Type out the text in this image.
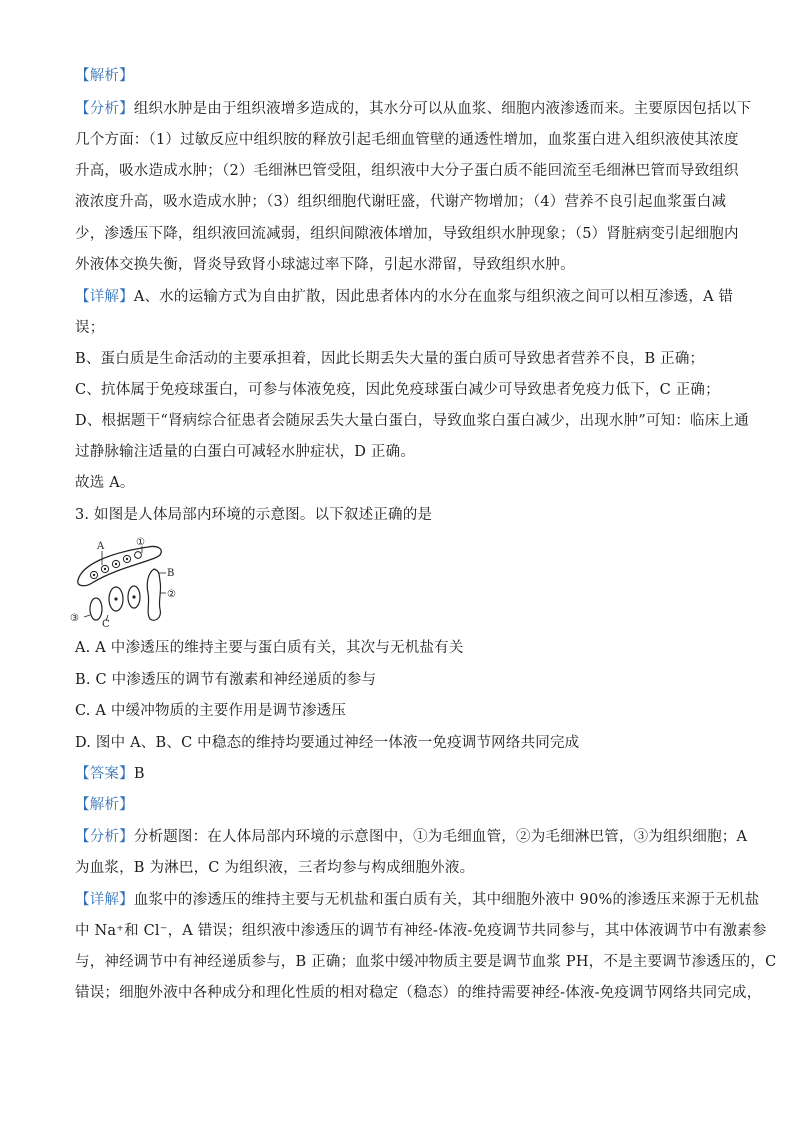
【解析】
【分析】组织水肿是由于组织液增多造成的，其水分可以从血浆、细胞内液渗透而来。主要原因包括以下
几个方面：（1）过敏反应中组织胺的释放引起毛细血管壁的通透性增加，血浆蛋白进入组织液使其浓度
升高，吸水造成水肿；（2）毛细淋巴管受阻，组织液中大分子蛋白质不能回流至毛细淋巴管而导致组织
液浓度升高，吸水造成水肿；（3）组织细胞代谢旺盛，代谢产物增加；（4）营养不良引起血浆蛋白减
少，渗透压下降，组织液回流减弱，组织间隙液体增加，导致组织水肿现象；（5）肾脏病变引起细胞内
外液体交换失衡，肾炎导致肾小球滤过率下降，引起水滞留，导致组织水肿。
【详解】A、水的运输方式为自由扩散，因此患者体内的水分在血浆与组织液之间可以相互渗透，A 错
误；
B、蛋白质是生命活动的主要承担着，因此长期丢失大量的蛋白质可导致患者营养不良，B 正确；
C、抗体属于免疫球蛋白，可参与体液免疫，因此免疫球蛋白减少可导致患者免疫力低下，C 正确；
D、根据题干“肾病综合征患者会随尿丢失大量白蛋白，导致血浆白蛋白减少，出现水肿”可知：临床上通
过静脉输注适量的白蛋白可减轻水肿症状，D 正确。
故选 A。
3. 如图是人体局部内环境的示意图。以下叙述正确的是
A	①
B
②
③
C
A. A 中渗透压的维持主要与蛋白质有关，其次与无机盐有关
B. C 中渗透压的调节有激素和神经递质的参与
C. A 中缓冲物质的主要作用是调节渗透压
D. 图中 A、B、C 中稳态的维持均要通过神经一体液一免疫调节网络共同完成
【答案】B
【解析】
【分析】分析题图：在人体局部内环境的示意图中，①为毛细血管，②为毛细淋巴管，③为组织细胞；A
为血浆，B 为淋巴，C 为组织液，三者均参与构成细胞外液。
【详解】血浆中的渗透压的维持主要与无机盐和蛋白质有关，其中细胞外液中 90%的渗透压来源于无机盐
中 Na⁺和 Cl⁻，A 错误；组织液中渗透压的调节有神经-体液-免疫调节共同参与，其中体液调节中有激素参
与，神经调节中有神经递质参与，B 正确；血浆中缓冲物质主要是调节血浆 PH，不是主要调节渗透压的，C
错误；细胞外液中各种成分和理化性质的相对稳定（稳态）的维持需要神经-体液-免疫调节网络共同完成，
